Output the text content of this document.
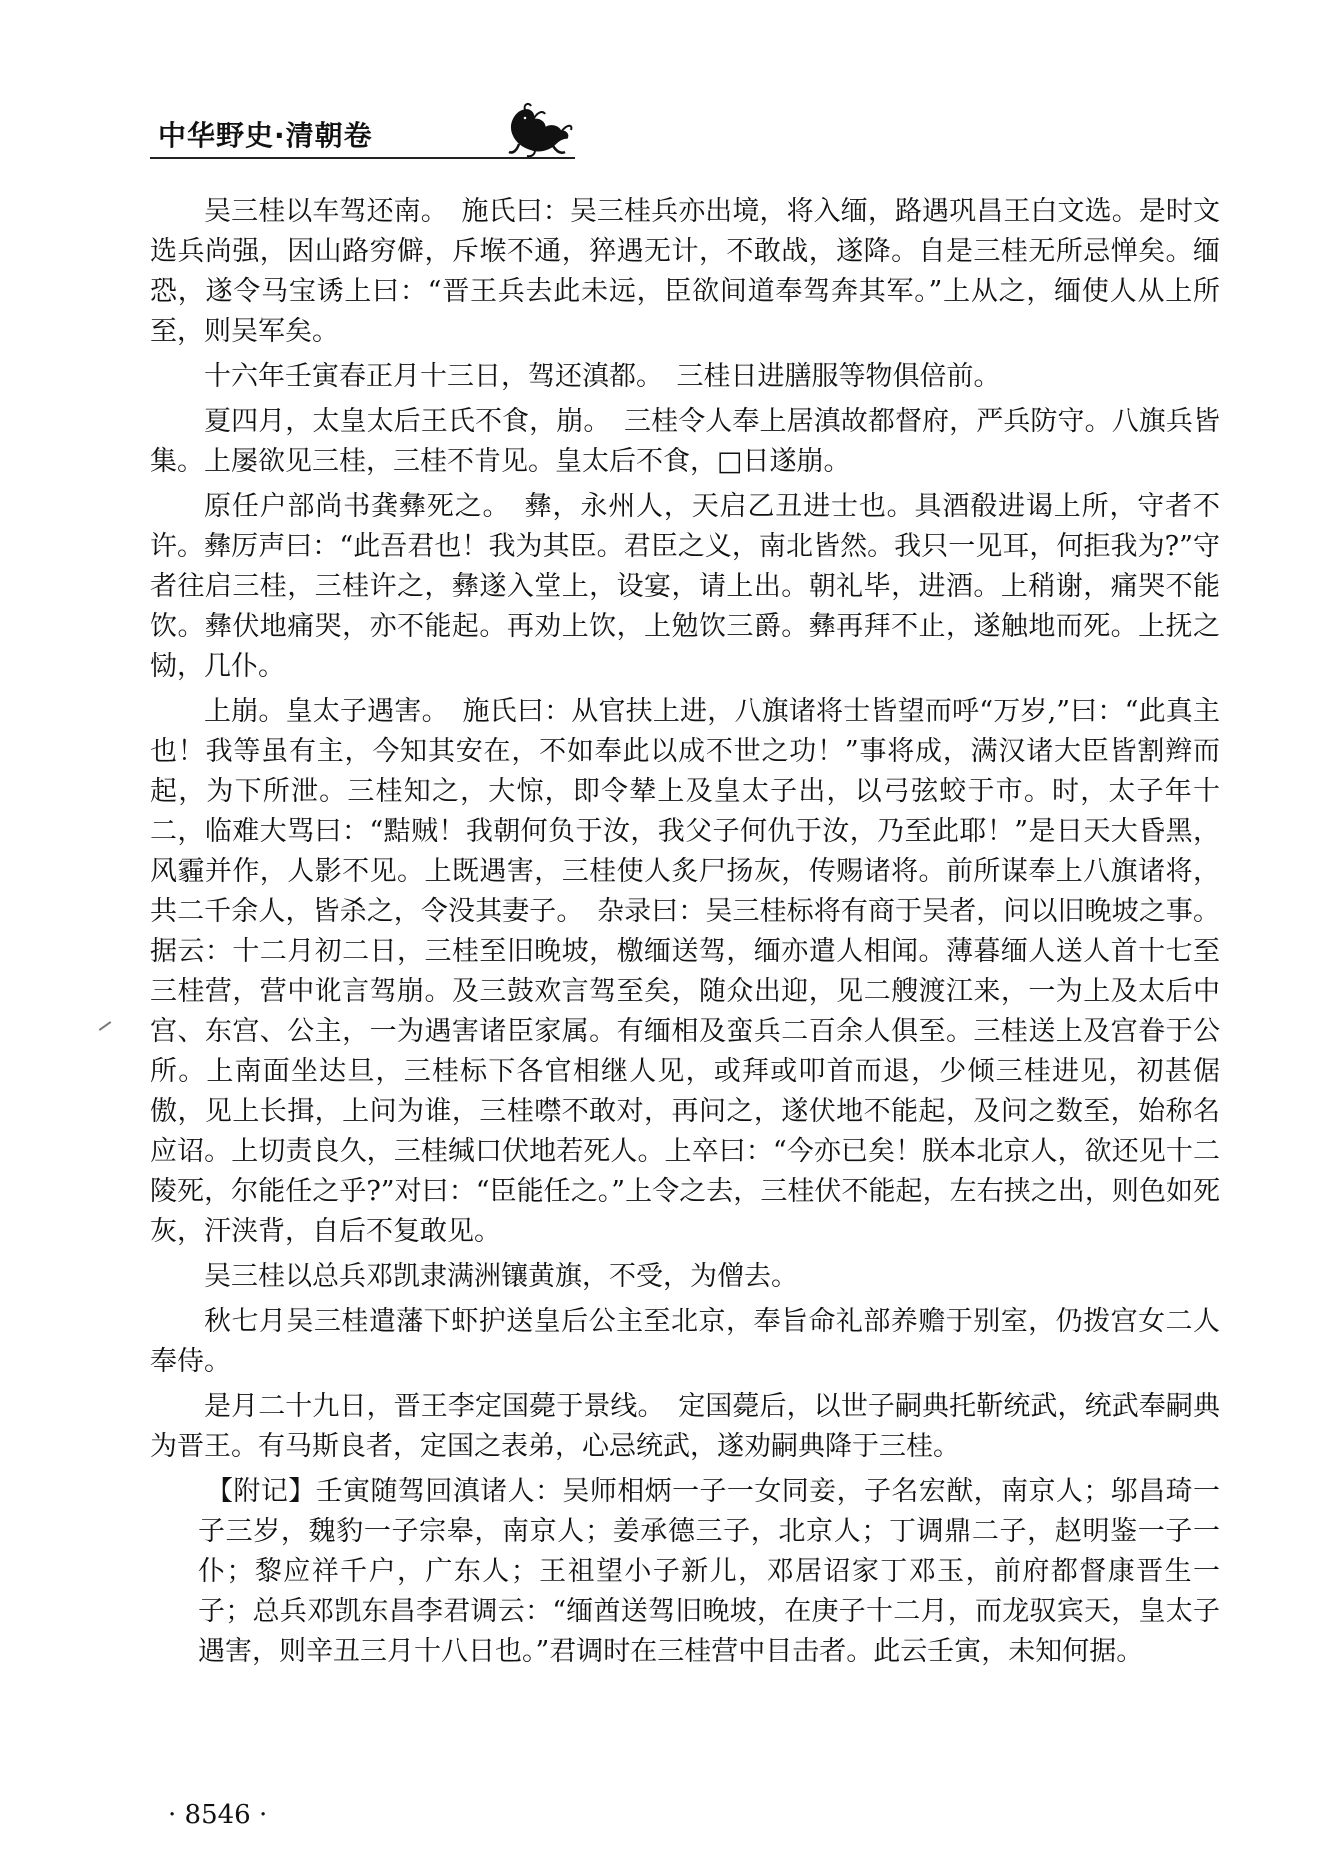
中华野史·清朝卷

吴三桂以车驾还南。　施氏曰：吴三桂兵亦出境，将入缅，路遇巩昌王白文选。是时文选兵尚强，因山路穷僻，斥堠不通，猝遇无计，不敢战，遂降。自是三桂无所忌惮矣。缅恐，遂令马宝诱上曰：“晋王兵去此未远，臣欲间道奉驾奔其军。”上从之，缅使人从上所至，则吴军矣。

十六年壬寅春正月十三日，驾还滇都。　三桂日进膳服等物俱倍前。

夏四月，太皇太后王氏不食，崩。　三桂令人奉上居滇故都督府，严兵防守。八旗兵皆集。上屡欲见三桂，三桂不肯见。皇太后不食，□日遂崩。

原任户部尚书龚彝死之。　彝，永州人，天启乙丑进士也。具酒殽进谒上所，守者不许。彝厉声曰：“此吾君也！我为其臣。君臣之义，南北皆然。我只一见耳，何拒我为?”守者往启三桂，三桂许之，彝遂入堂上，设宴，请上出。朝礼毕，进酒。上稍谢，痛哭不能饮。彝伏地痛哭，亦不能起。再劝上饮，上勉饮三爵。彝再拜不止，遂触地而死。上抚之恸，几仆。

上崩。皇太子遇害。　施氏曰：从官扶上进，八旗诸将士皆望而呼“万岁,”曰：“此真主也！我等虽有主，今知其安在，不如奉此以成不世之功！”事将成，满汉诸大臣皆割辫而起，为下所泄。三桂知之，大惊，即令辇上及皇太子出，以弓弦蛟于市。时，太子年十二，临难大骂曰：“黠贼！我朝何负于汝，我父子何仇于汝，乃至此耶！”是日天大昏黑，风霾并作，人影不见。上既遇害，三桂使人炙尸扬灰，传赐诸将。前所谋奉上八旗诸将，共二千余人，皆杀之，令没其妻子。　杂录曰：吴三桂标将有商于吴者，问以旧晚坡之事。据云：十二月初二日，三桂至旧晚坡，檄缅送驾，缅亦遣人相闻。薄暮缅人送人首十七至三桂营，营中讹言驾崩。及三鼓欢言驾至矣，随众出迎，见二艘渡江来，一为上及太后中宫、东宫、公主，一为遇害诸臣家属。有缅相及蛮兵二百余人俱至。三桂送上及宫眷于公所。上南面坐达旦，三桂标下各官相继人见，或拜或叩首而退，少倾三桂进见，初甚倨傲，见上长揖，上问为谁，三桂噤不敢对，再问之，遂伏地不能起，及问之数至，始称名应诏。上切责良久，三桂缄口伏地若死人。上卒曰：“今亦已矣！朕本北京人，欲还见十二陵死，尔能任之乎?”对曰：“臣能任之。”上令之去，三桂伏不能起，左右挟之出，则色如死灰，汗浃背，自后不复敢见。

吴三桂以总兵邓凯隶满洲镶黄旗，不受，为僧去。

秋七月吴三桂遣藩下虾护送皇后公主至北京，奉旨命礼部养赡于别室，仍拨宫女二人奉侍。

是月二十九日，晋王李定国薨于景线。　定国薨后，以世子嗣典托靳统武，统武奉嗣典为晋王。有马斯良者，定国之表弟，心忌统武，遂劝嗣典降于三桂。

【附记】壬寅随驾回滇诸人：吴师相炳一子一女同妾，子名宏猷，南京人；邬昌琦一子三岁，魏豹一子宗皋，南京人；姜承德三子，北京人；丁调鼎二子，赵明鉴一子一仆；黎应祥千户，广东人；王祖望小子新儿，邓居诏家丁邓玉，前府都督康晋生一子；总兵邓凯东昌李君调云：“缅酋送驾旧晚坡，在庚子十二月，而龙驭宾天，皇太子遇害，则辛丑三月十八日也。”君调时在三桂营中目击者。此云壬寅，未知何据。

· 8546 ·
